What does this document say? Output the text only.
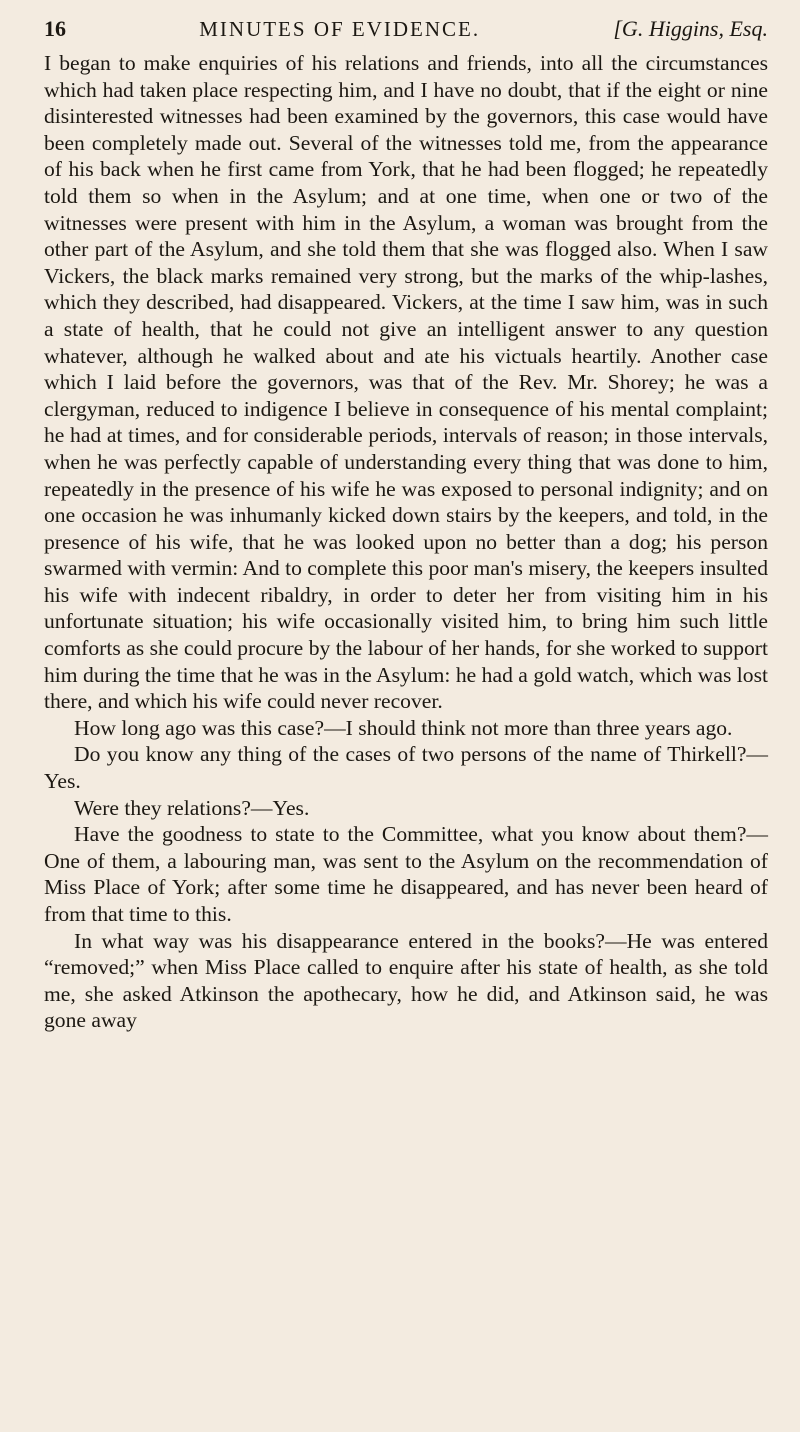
16	MINUTES OF EVIDENCE.	[G. Higgins, Esq.

I began to make enquiries of his relations and friends, into all the circumstances which had taken place respecting him, and I have no doubt, that if the eight or nine disinterested witnesses had been examined by the governors, this case would have been completely made out. Several of the witnesses told me, from the appearance of his back when he first came from York, that he had been flogged; he repeatedly told them so when in the Asylum; and at one time, when one or two of the witnesses were present with him in the Asylum, a woman was brought from the other part of the Asylum, and she told them that she was flogged also. When I saw Vickers, the black marks remained very strong, but the marks of the whip-lashes, which they described, had disappeared. Vickers, at the time I saw him, was in such a state of health, that he could not give an intelligent answer to any question whatever, although he walked about and ate his victuals heartily. Another case which I laid before the governors, was that of the Rev. Mr. Shorey; he was a clergyman, reduced to indigence I believe in consequence of his mental complaint; he had at times, and for considerable periods, intervals of reason; in those intervals, when he was perfectly capable of understanding every thing that was done to him, repeatedly in the presence of his wife he was exposed to personal indignity; and on one occasion he was inhumanly kicked down stairs by the keepers, and told, in the presence of his wife, that he was looked upon no better than a dog; his person swarmed with vermin: And to complete this poor man's misery, the keepers insulted his wife with indecent ribaldry, in order to deter her from visiting him in his unfortunate situation; his wife occasionally visited him, to bring him such little comforts as she could procure by the labour of her hands, for she worked to support him during the time that he was in the Asylum: he had a gold watch, which was lost there, and which his wife could never recover.

How long ago was this case?—I should think not more than three years ago.

Do you know any thing of the cases of two persons of the name of Thirkell?—Yes.

Were they relations?—Yes.

Have the goodness to state to the Committee, what you know about them?—One of them, a labouring man, was sent to the Asylum on the recommendation of Miss Place of York; after some time he disappeared, and has never been heard of from that time to this.

In what way was his disappearance entered in the books?—He was entered “removed;” when Miss Place called to enquire after his state of health, as she told me, she asked Atkinson the apothecary, how he did, and Atkinson said, he was gone away
